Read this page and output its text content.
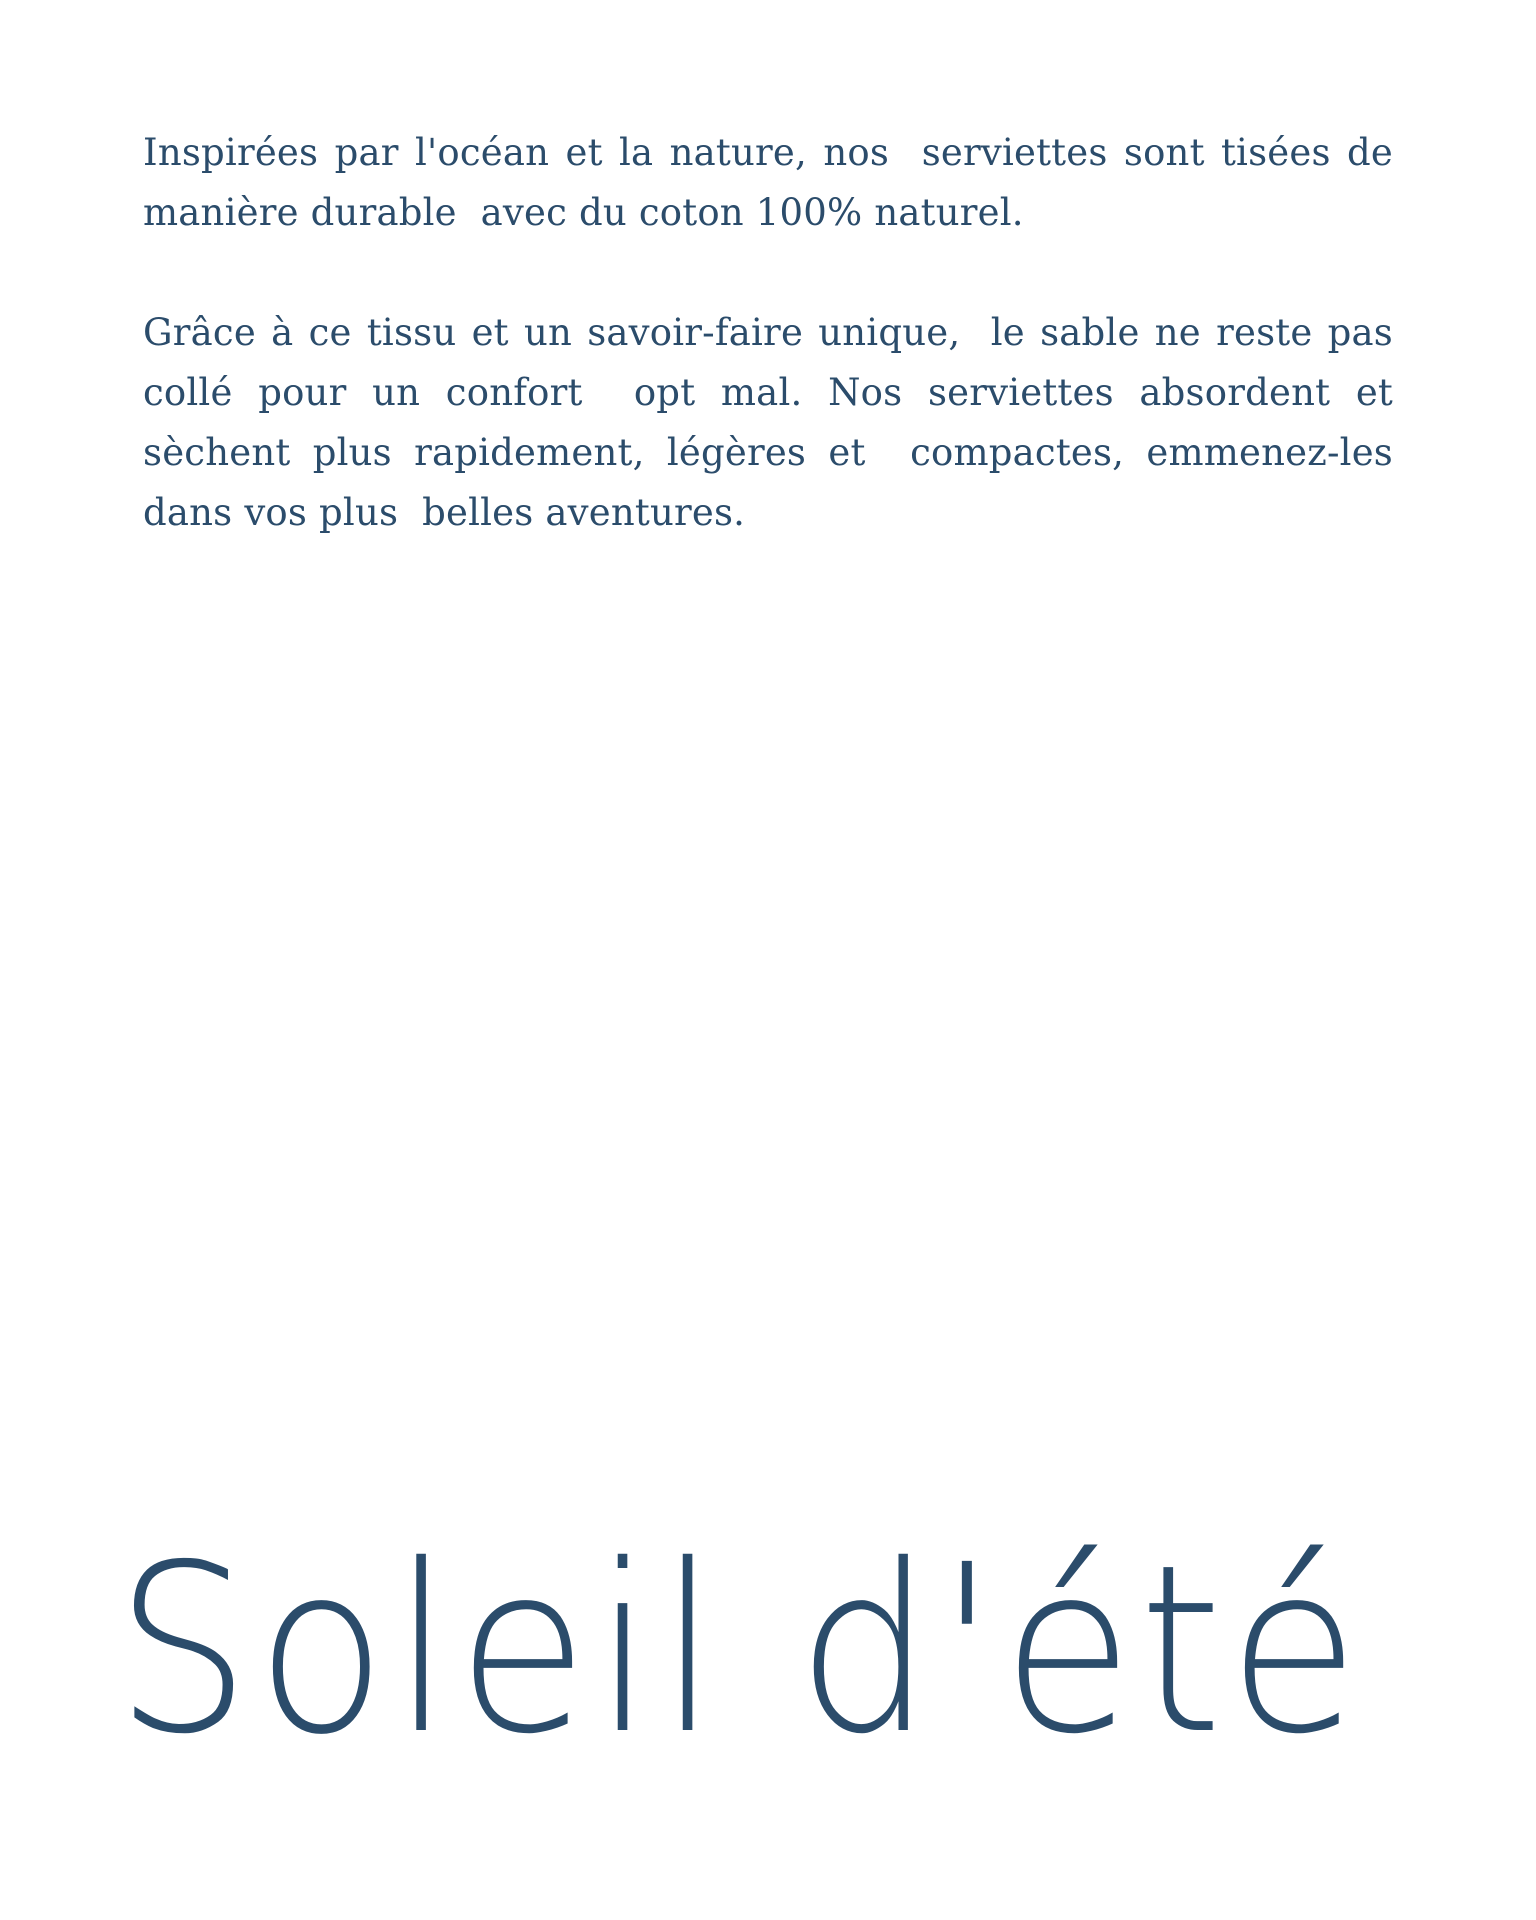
Inspirées par l'océan et la nature, nos  serviettes sont tisées de manière durable  avec du coton 100% naturel.

Grâce à ce tissu et un savoir-faire unique,  le sable ne reste pas collé pour un confort  opt mal. Nos serviettes absordent et sèchent plus rapidement, légères et  compactes, emmenez-les dans vos plus  belles aventures.

Soleil d'été
